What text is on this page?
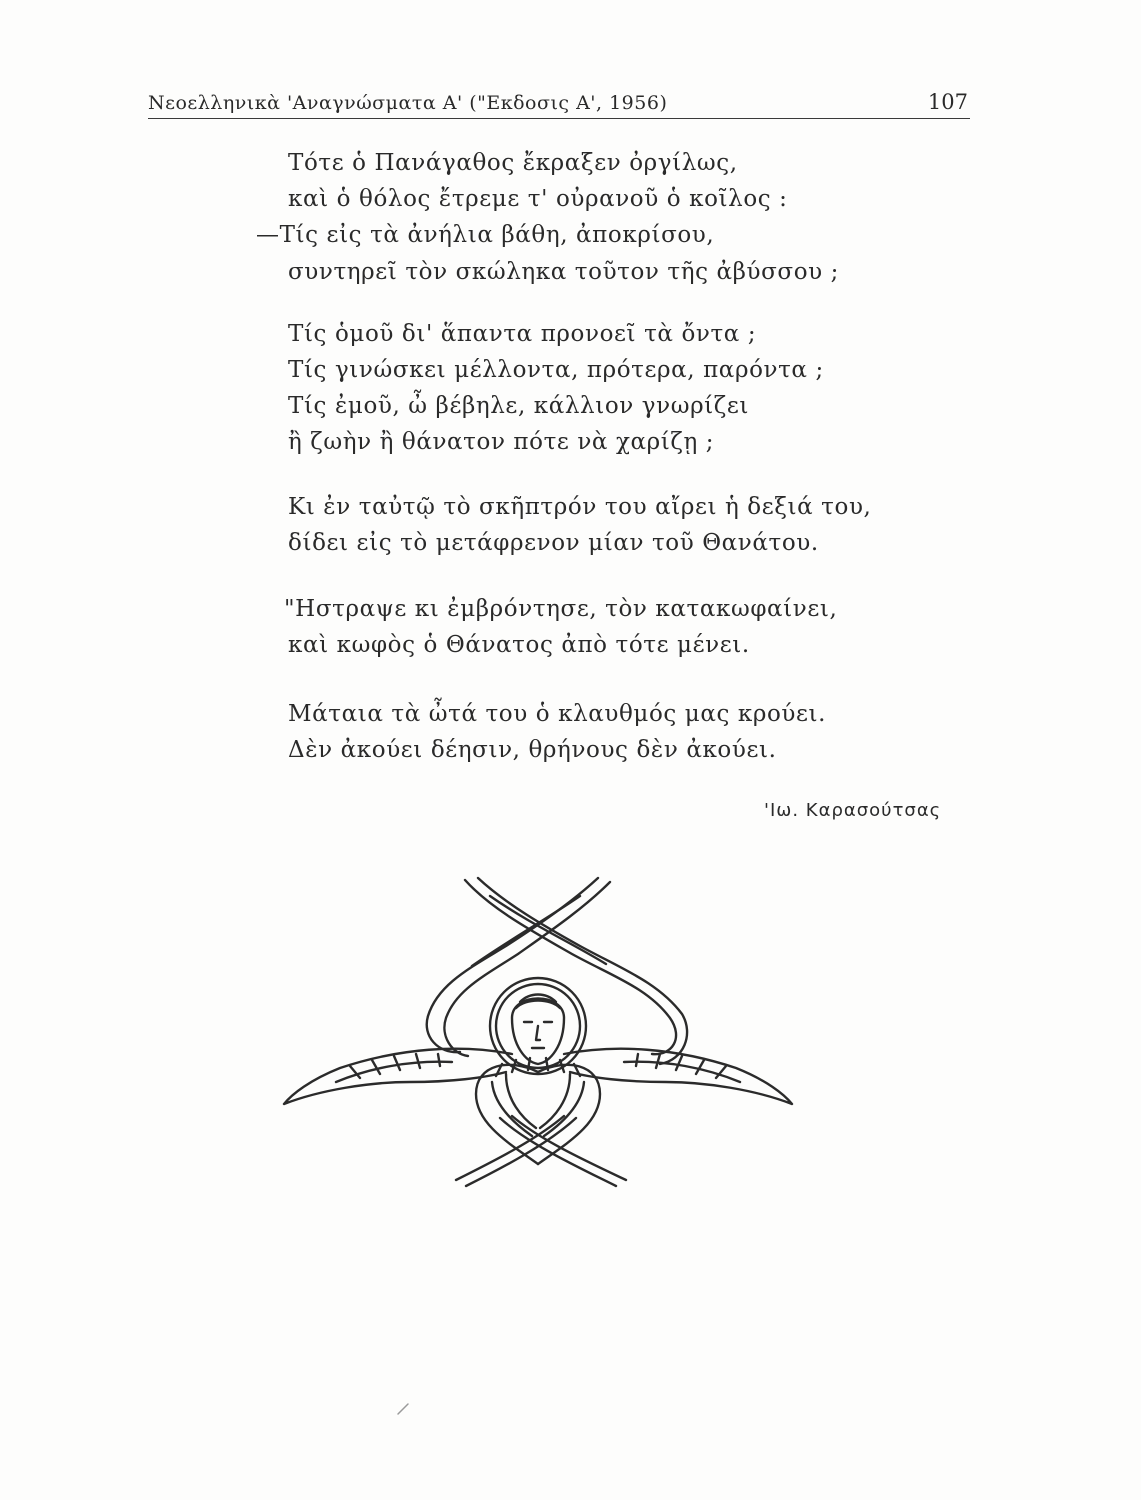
Νεοελληνικὰ 'Αναγνώσματα Α' ("Εκδοσις Α', 1956)	107
Τότε ὁ Πανάγαθος ἔκραξεν ὀργίλως,
καὶ ὁ θόλος ἔτρεμε τ' οὐρανοῦ ὁ κοῖλος :
—Τίς εἰς τὰ ἀνήλια βάθη, ἀποκρίσου,
συντηρεῖ τὸν σκώληκα τοῦτον τῆς ἀβύσσου ;
Τίς ὁμοῦ δι' ἅπαντα προνοεῖ τὰ ὄντα ;
Τίς γινώσκει μέλλοντα, πρότερα, παρόντα ;
Τίς ἐμοῦ, ὦ βέβηλε, κάλλιον γνωρίζει
ἢ ζωὴν ἢ θάνατον πότε νὰ χαρίζῃ ;
Κι ἐν ταὐτῷ τὸ σκῆπτρόν του αἴρει ἡ δεξιά του,
δίδει εἰς τὸ μετάφρενον μίαν τοῦ Θανάτου.
"Ηστραψε κι ἐμβρόντησε, τὸν κατακωφαίνει,
καὶ κωφὸς ὁ Θάνατος ἀπὸ τότε μένει.
Μάταια τὰ ὦτά του ὁ κλαυθμός μας κρούει.
Δὲν ἀκούει δέησιν, θρήνους δὲν ἀκούει.
'Ιω. Καρασούτσας
